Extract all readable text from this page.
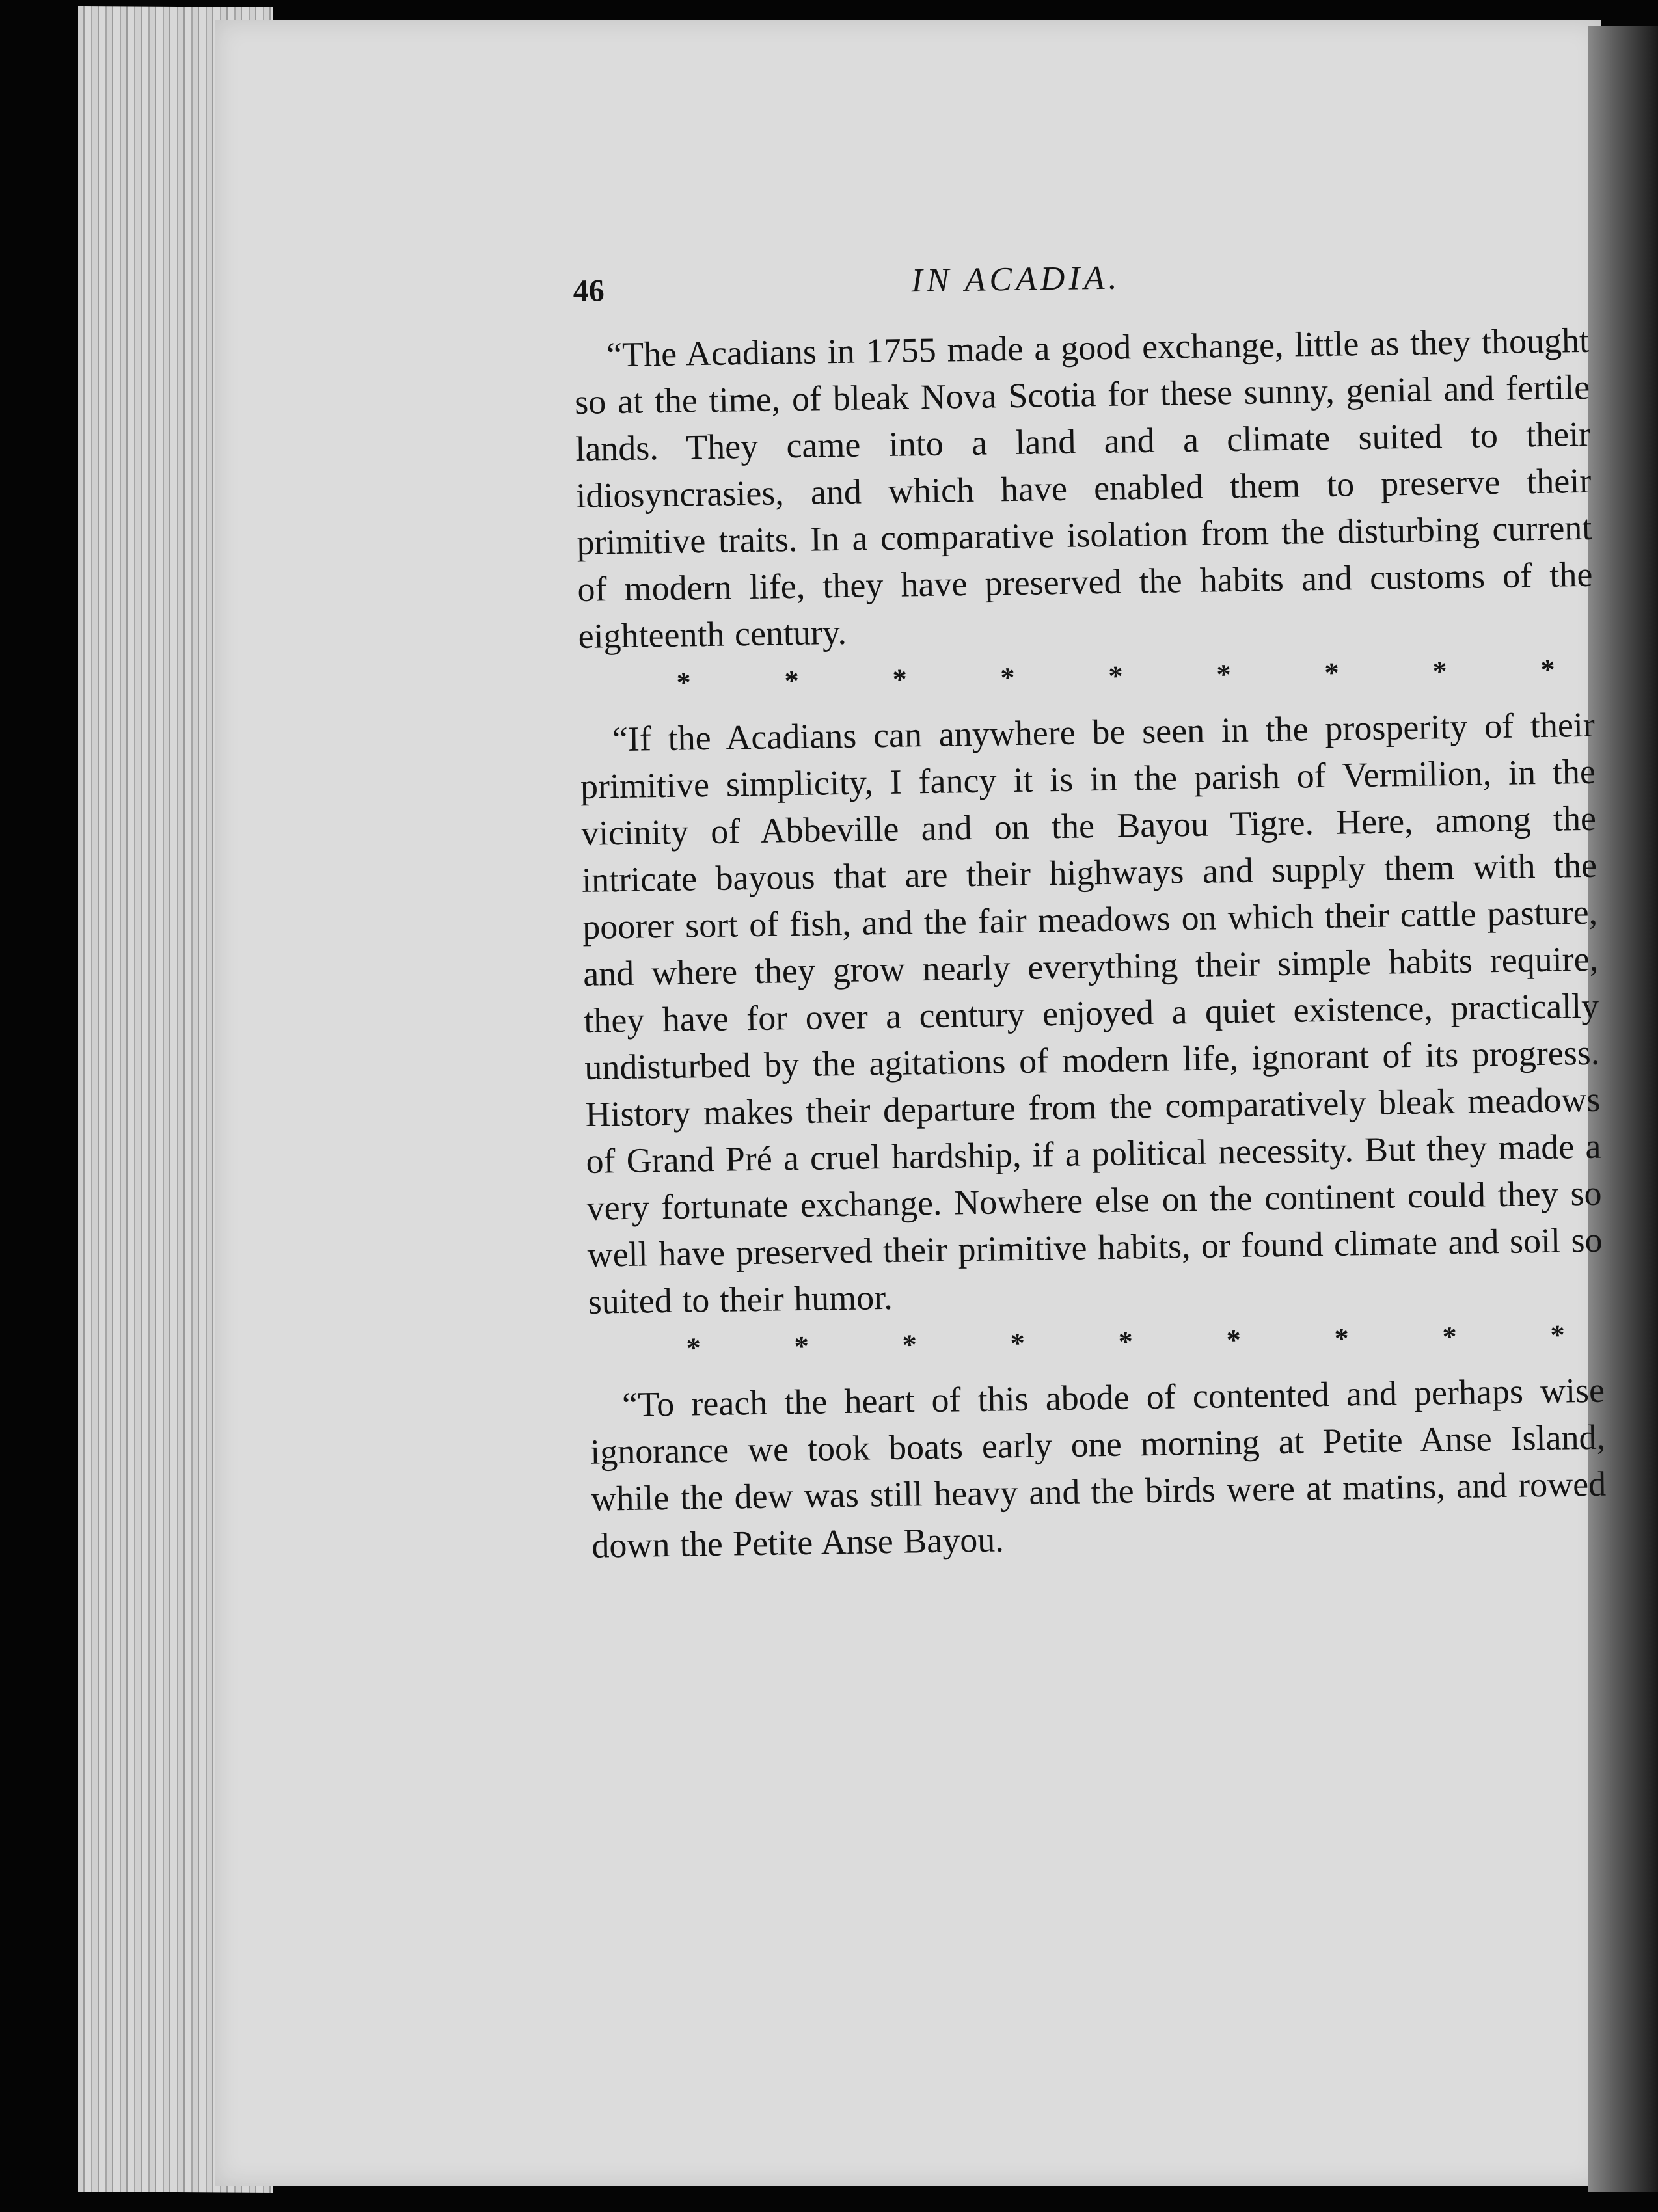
46	IN ACADIA.

“The Acadians in 1755 made a good exchange, little as they thought so at the time, of bleak Nova Scotia for these sunny, genial and fertile lands. They came into a land and a climate suited to their idiosyncrasies, and which have enabled them to preserve their primitive traits. In a comparative isolation from the disturbing current of modern life, they have preserved the habits and customs of the eighteenth century.

*	*	*	*	*	*	*	*	*

“If the Acadians can anywhere be seen in the prosperity of their primitive simplicity, I fancy it is in the parish of Vermilion, in the vicinity of Abbeville and on the Bayou Tigre. Here, among the intricate bayous that are their highways and supply them with the poorer sort of fish, and the fair meadows on which their cattle pasture, and where they grow nearly everything their simple habits require, they have for over a century enjoyed a quiet existence, practically undisturbed by the agitations of modern life, ignorant of its progress. History makes their departure from the comparatively bleak meadows of Grand Pré a cruel hardship, if a political necessity. But they made a very fortunate exchange. Nowhere else on the continent could they so well have preserved their primitive habits, or found climate and soil so suited to their humor.

*	*	*	*	*	*	*	*	*

“To reach the heart of this abode of contented and perhaps wise ignorance we took boats early one morning at Petite Anse Island, while the dew was still heavy and the birds were at matins, and rowed down the Petite Anse Bayou.
